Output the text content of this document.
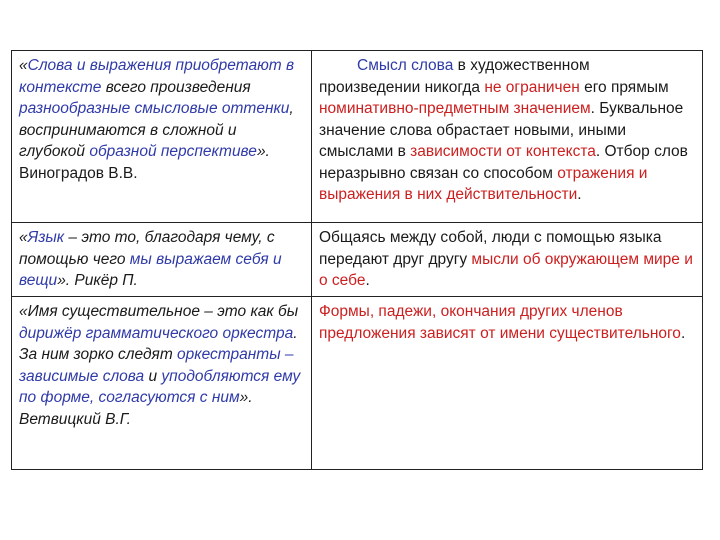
«Слова и выражения приобретают в контексте всего произведения разнообразные смысловые оттенки, воспринимаются в сложной и глубокой образной перспективе». Виноградов В.В.
Смысл слова в художественном произведении никогда не ограничен его прямым номинативно-предметным значением. Буквальное значение слова обрастает новыми, иными смыслами в зависимости от контекста. Отбор слов неразрывно связан со способом отражения и выражения в них действительности.
«Язык – это то, благодаря чему, с помощью чего мы выражаем себя и вещи». Рикёр П.
Общаясь между собой, люди с помощью языка передают друг другу мысли об окружающем мире и о себе.
«Имя существительное – это как бы дирижёр грамматического оркестра. За ним зорко следят оркестранты – зависимые слова и уподобляются ему по форме, согласуются с ним». Ветвицкий В.Г.
Формы, падежи, окончания других членов предложения зависят от имени существительного.
